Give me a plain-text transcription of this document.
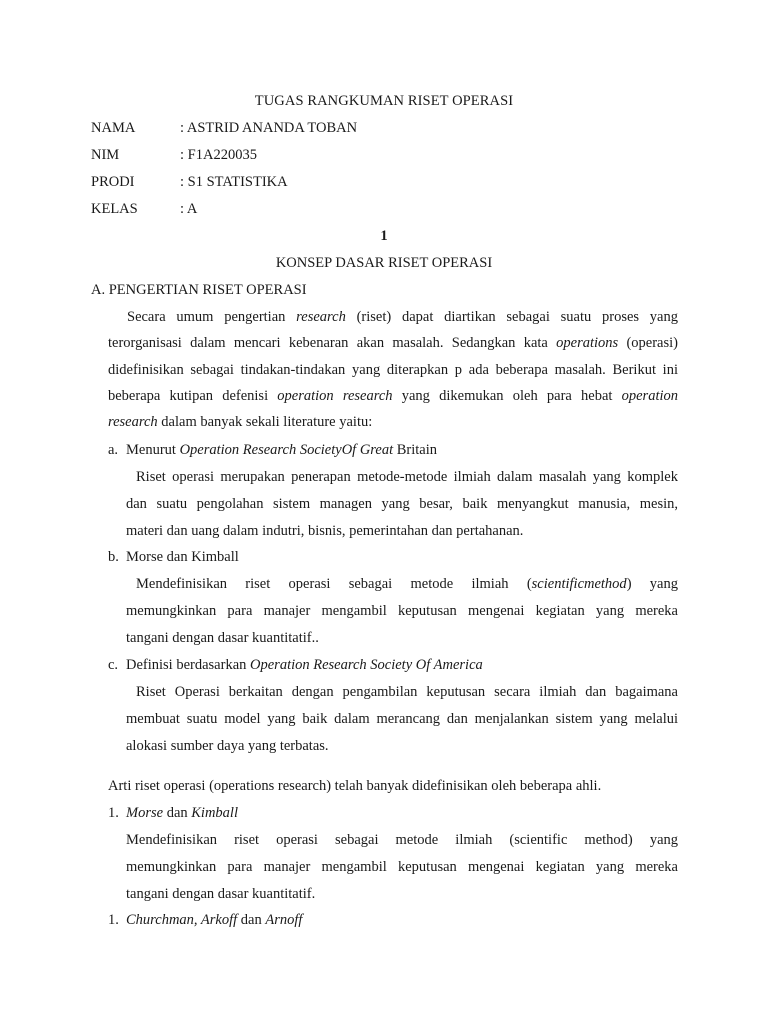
TUGAS RANGKUMAN RISET OPERASI
NAMA	: ASTRID ANANDA TOBAN
NIM	: F1A220035
PRODI	: S1 STATISTIKA
KELAS	: A
1
KONSEP DASAR RISET OPERASI
A. PENGERTIAN RISET OPERASI
Secara umum pengertian research (riset) dapat diartikan sebagai suatu proses yang
terorganisasi dalam mencari kebenaran akan masalah. Sedangkan kata operations (operasi)
didefinisikan sebagai tindakan-tindakan yang diterapkan p ada beberapa masalah. Berikut ini
beberapa kutipan defenisi operation research yang dikemukan oleh para hebat operation
research dalam banyak sekali literature yaitu:
a. Menurut Operation Research SocietyOf Great Britain
Riset operasi merupakan penerapan metode-metode ilmiah dalam masalah yang komplek
dan suatu pengolahan sistem managen yang besar, baik menyangkut manusia, mesin,
materi dan uang dalam indutri, bisnis, pemerintahan dan pertahanan.
b. Morse dan Kimball
Mendefinisikan riset operasi sebagai metode ilmiah (scientificmethod) yang
memungkinkan para manajer mengambil keputusan mengenai kegiatan yang mereka
tangani dengan dasar kuantitatif..
c. Definisi berdasarkan Operation Research Society Of America
Riset Operasi berkaitan dengan pengambilan keputusan secara ilmiah dan bagaimana
membuat suatu model yang baik dalam merancang dan menjalankan sistem yang melalui
alokasi sumber daya yang terbatas.
Arti riset operasi (operations research) telah banyak didefinisikan oleh beberapa ahli.
1. Morse dan Kimball
Mendefinisikan riset operasi sebagai metode ilmiah (scientific method) yang
memungkinkan para manajer mengambil keputusan mengenai kegiatan yang mereka
tangani dengan dasar kuantitatif.
1. Churchman, Arkoff dan Arnoff
